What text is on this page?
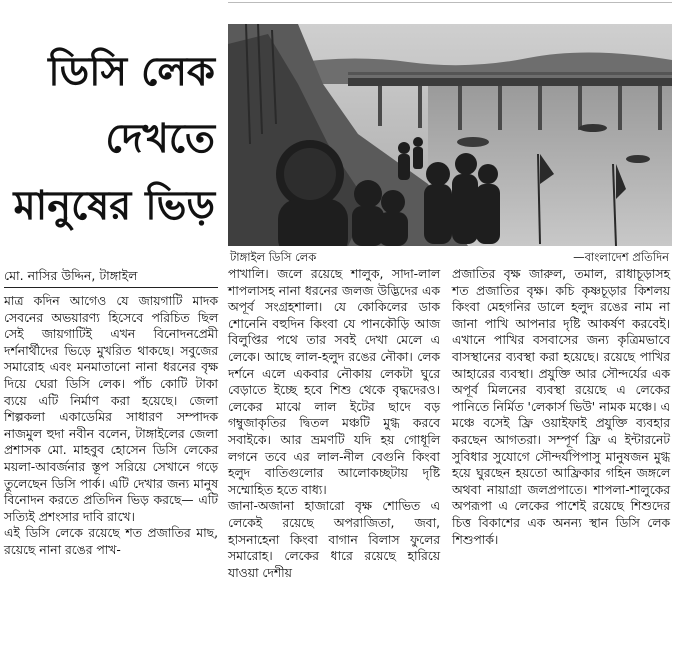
ডিসি লেক
দেখতে
মানুষের ভিড়
টাঙ্গাইল ডিসি লেক	—বাংলাদেশ প্রতিদিন
মো. নাসির উদ্দিন, টাঙ্গাইল

মাত্র কদিন আগেও যে জায়গাটি মাদক সেবনের অভয়ারণ্য হিসেবে পরিচিত ছিল সেই জায়গাটিই এখন বিনোদনপ্রেমী দর্শনার্থীদের ভিড়ে মুখরিত থাকছে। সবুজের সমারোহ এবং মনমাতানো নানা ধরনের বৃক্ষ দিয়ে ঘেরা ডিসি লেক। পাঁচ কোটি টাকা ব্যয়ে এটি নির্মাণ করা হয়েছে। জেলা শিল্পকলা একাডেমির সাধারণ সম্পাদক নাজমুল হুদা নবীন বলেন, টাঙ্গাইলের জেলা প্রশাসক মো. মাহবুব হোসেন ডিসি লেকের ময়লা-আবর্জনার স্তূপ সরিয়ে সেখানে গড়ে তুলেছেন ডিসি পার্ক। এটি দেখার জন্য মানুষ বিনোদন করতে প্রতিদিন ভিড় করছে— এটি সত্যিই প্রশংসার দাবি রাখে।

এই ডিসি লেকে রয়েছে শত প্রজাতির মাছ, রয়েছে নানা রঙের পাখ-

পাখালি। জলে রয়েছে শালুক, সাদা-লাল শাপলাসহ নানা ধরনের জলজ উদ্ভিদের এক অপূর্ব সংগ্রহশালা। যে কোকিলের ডাক শোনেনি বহুদিন কিংবা যে পানকৌড়ি আজ বিলুপ্তির পথে তার সবই দেখা মেলে এ লেকে। আছে লাল-হলুদ রঙের নৌকা। লেক দর্শনে এলে একবার নৌকায় লেকটা ঘুরে বেড়াতে ইচ্ছে হবে শিশু থেকে বৃদ্ধদেরও। লেকের মাঝে লাল ইটের ছাদে বড় গম্বুজাকৃতির দ্বিতল মঞ্চটি মুগ্ধ করবে সবাইকে। আর ভ্রমণটি যদি হয় গোধূলি লগনে তবে এর লাল-নীল বেগুনি কিংবা হলুদ বাতিগুলোর আলোকচ্ছটায় দৃষ্টি সম্মোহিত হতে বাধ্য।

জানা-অজানা হাজারো বৃক্ষ শোভিত এ লেকেই রয়েছে অপরাজিতা, জবা, হাসনাহেনা কিংবা বাগান বিলাস ফুলের সমারোহ। লেকের ধারে রয়েছে হারিয়ে যাওয়া দেশীয়

প্রজাতির বৃক্ষ জারুল, তমাল, রাধাচূড়াসহ শত প্রজাতির বৃক্ষ। কচি কৃষ্ণচূড়ার কিশলয় কিংবা মেহগনির ডালে হলুদ রঙের নাম না জানা পাখি আপনার দৃষ্টি আকর্ষণ করবেই। এখানে পাখির বসবাসের জন্য কৃত্রিমভাবে বাসস্থানের ব্যবস্থা করা হয়েছে। রয়েছে পাখির আহারের ব্যবস্থা। প্রযুক্তি আর সৌন্দর্যের এক অপূর্ব মিলনের ব্যবস্থা রয়েছে এ লেকের পানিতে নির্মিত 'লেকার্স ভিউ' নামক মঞ্চে। এ মঞ্চে বসেই ফ্রি ওয়াইফাই প্রযুক্তি ব্যবহার করছেন আগতরা। সম্পূর্ণ ফ্রি এ ইন্টারনেট সুবিধার সুযোগে সৌন্দর্যপিপাসু মানুষজন মুগ্ধ হয়ে ঘুরছেন হয়তো আফ্রিকার গহিন জঙ্গলে অথবা নায়াগ্রা জলপ্রপাতে। শাপলা-শালুকের অপরূপা এ লেকের পাশেই রয়েছে শিশুদের চিত্ত বিকাশের এক অনন্য স্থান ডিসি লেক শিশুপার্ক।
